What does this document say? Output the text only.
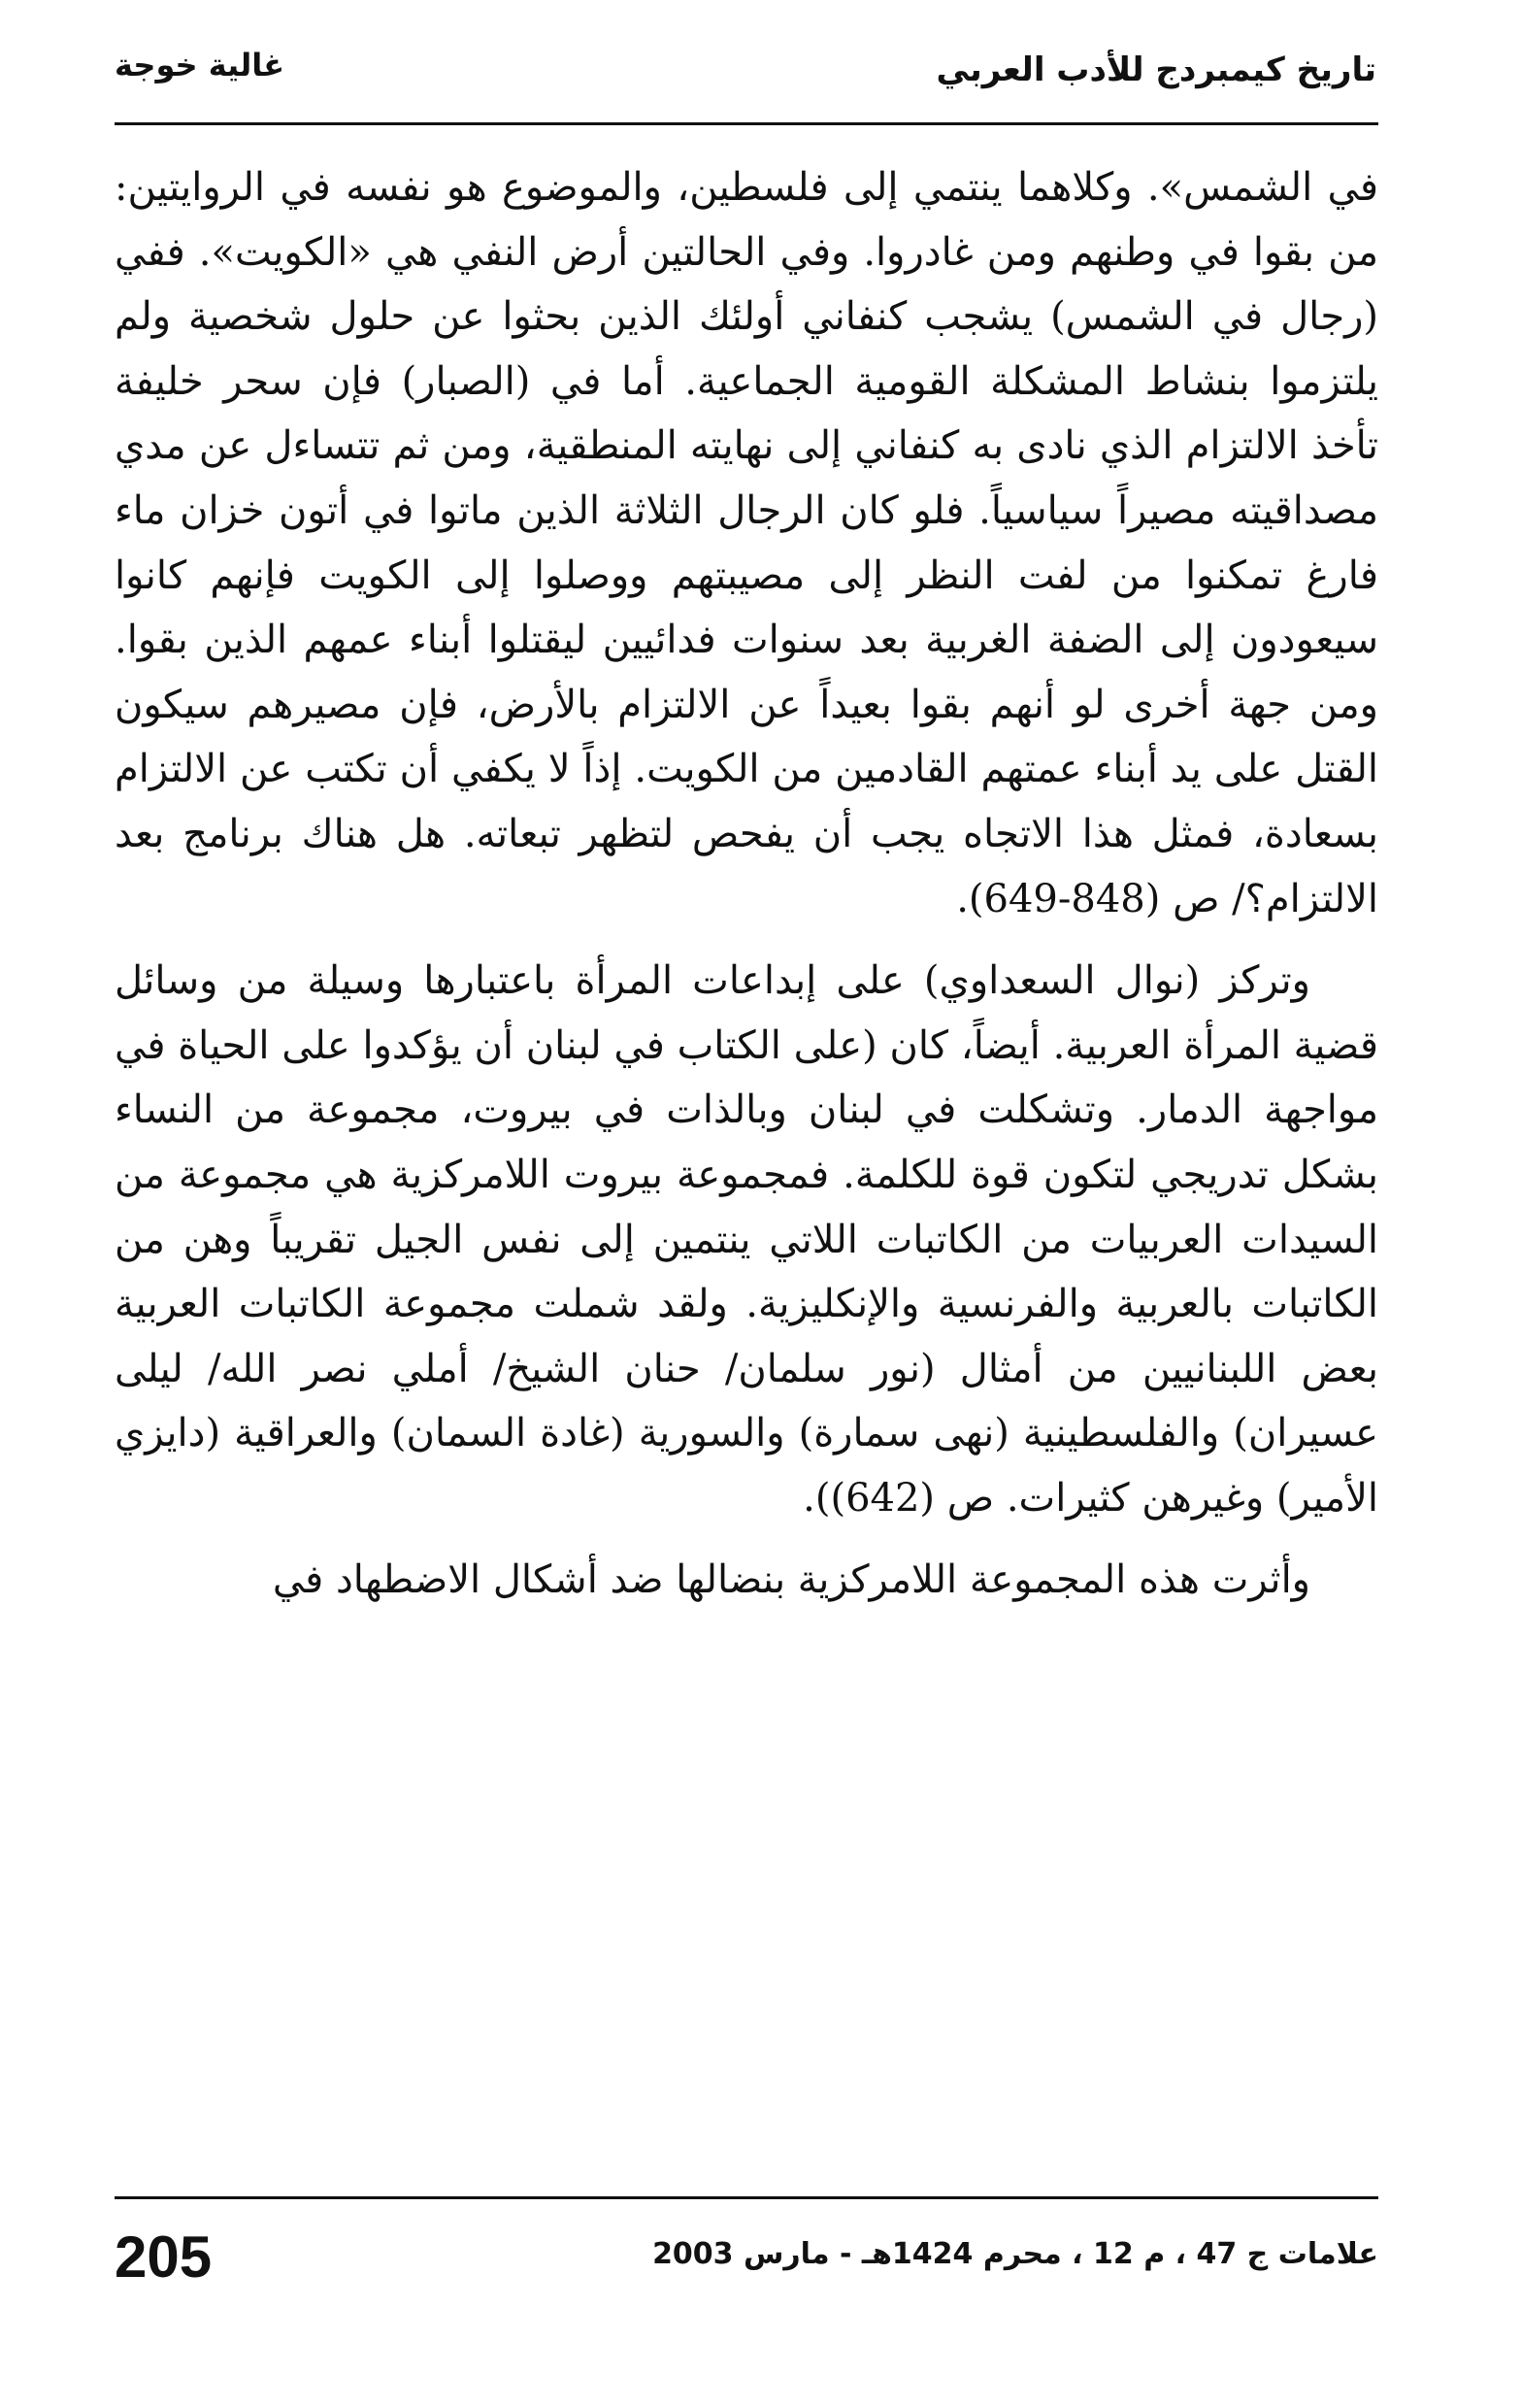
تاريخ كيمبردج للأدب العربي
غالية خوجة

في الشمس». وكلاهما ينتمي إلى فلسطين، والموضوع هو نفسه في الروايتين: من بقوا في وطنهم ومن غادروا. وفي الحالتين أرض النفي هي «الكويت». ففي (رجال في الشمس) يشجب كنفاني أولئك الذين بحثوا عن حلول شخصية ولم يلتزموا بنشاط المشكلة القومية الجماعية. أما في (الصبار) فإن سحر خليفة تأخذ الالتزام الذي نادى به كنفاني إلى نهايته المنطقية، ومن ثم تتساءل عن مدي مصداقيته مصيراً سياسياً. فلو كان الرجال الثلاثة الذين ماتوا في أتون خزان ماء فارغ تمكنوا من لفت النظر إلى مصيبتهم ووصلوا إلى الكويت فإنهم كانوا سيعودون إلى الضفة الغربية بعد سنوات فدائيين ليقتلوا أبناء عمهم الذين بقوا. ومن جهة أخرى لو أنهم بقوا بعيداً عن الالتزام بالأرض، فإن مصيرهم سيكون القتل على يد أبناء عمتهم القادمين من الكويت. إذاً لا يكفي أن تكتب عن الالتزام بسعادة، فمثل هذا الاتجاه يجب أن يفحص لتظهر تبعاته. هل هناك برنامج بعد الالتزام؟/ ص (848-649).

وتركز (نوال السعداوي) على إبداعات المرأة باعتبارها وسيلة من وسائل قضية المرأة العربية. أيضاً، كان (على الكتاب في لبنان أن يؤكدوا على الحياة في مواجهة الدمار. وتشكلت في لبنان وبالذات في بيروت، مجموعة من النساء بشكل تدريجي لتكون قوة للكلمة. فمجموعة بيروت اللامركزية هي مجموعة من السيدات العربيات من الكاتبات اللاتي ينتمين إلى نفس الجيل تقريباً وهن من الكاتبات بالعربية والفرنسية والإنكليزية. ولقد شملت مجموعة الكاتبات العربية بعض اللبنانيين من أمثال (نور سلمان/ حنان الشيخ/ أملي نصر الله/ ليلى عسيران) والفلسطينية (نهى سمارة) والسورية (غادة السمان) والعراقية (دايزي الأمير) وغيرهن كثيرات. ص (642)).

وأثرت هذه المجموعة اللامركزية بنضالها ضد أشكال الاضطهاد في

205	علامات ج 47 ، م 12 ، محرم 1424هـ - مارس 2003
